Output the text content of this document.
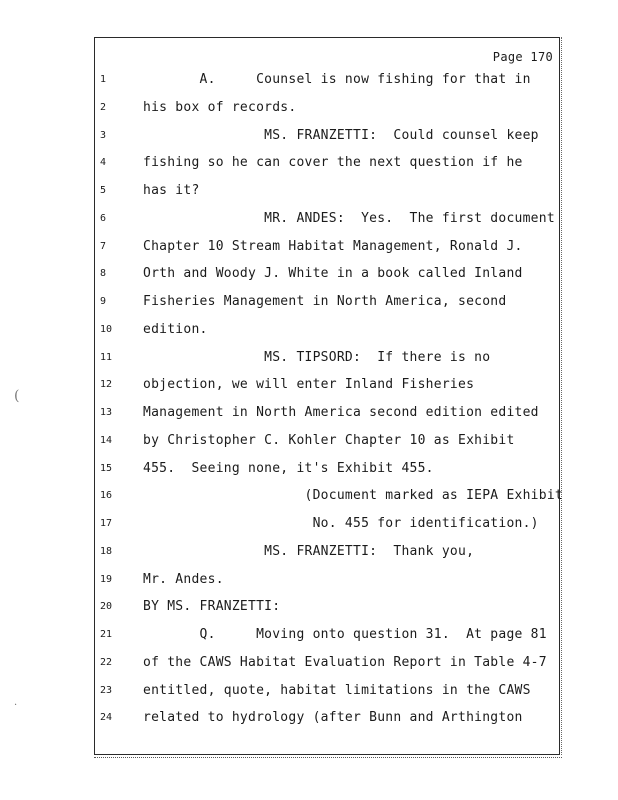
Page 170
(
·
1	A.     Counsel is now fishing for that in
2	his box of records.
3	MS. FRANZETTI:  Could counsel keep
4	fishing so he can cover the next question if he
5	has it?
6	MR. ANDES:  Yes.  The first document
7	Chapter 10 Stream Habitat Management, Ronald J.
8	Orth and Woody J. White in a book called Inland
9	Fisheries Management in North America, second
10	edition.
11	MS. TIPSORD:  If there is no
12	objection, we will enter Inland Fisheries
13	Management in North America second edition edited
14	by Christopher C. Kohler Chapter 10 as Exhibit
15	455.  Seeing none, it's Exhibit 455.
16	(Document marked as IEPA Exhibit
17	No. 455 for identification.)
18	MS. FRANZETTI:  Thank you,
19	Mr. Andes.
20	BY MS. FRANZETTI:
21	Q.     Moving onto question 31.  At page 81
22	of the CAWS Habitat Evaluation Report in Table 4-7
23	entitled, quote, habitat limitations in the CAWS
24	related to hydrology (after Bunn and Arthington
